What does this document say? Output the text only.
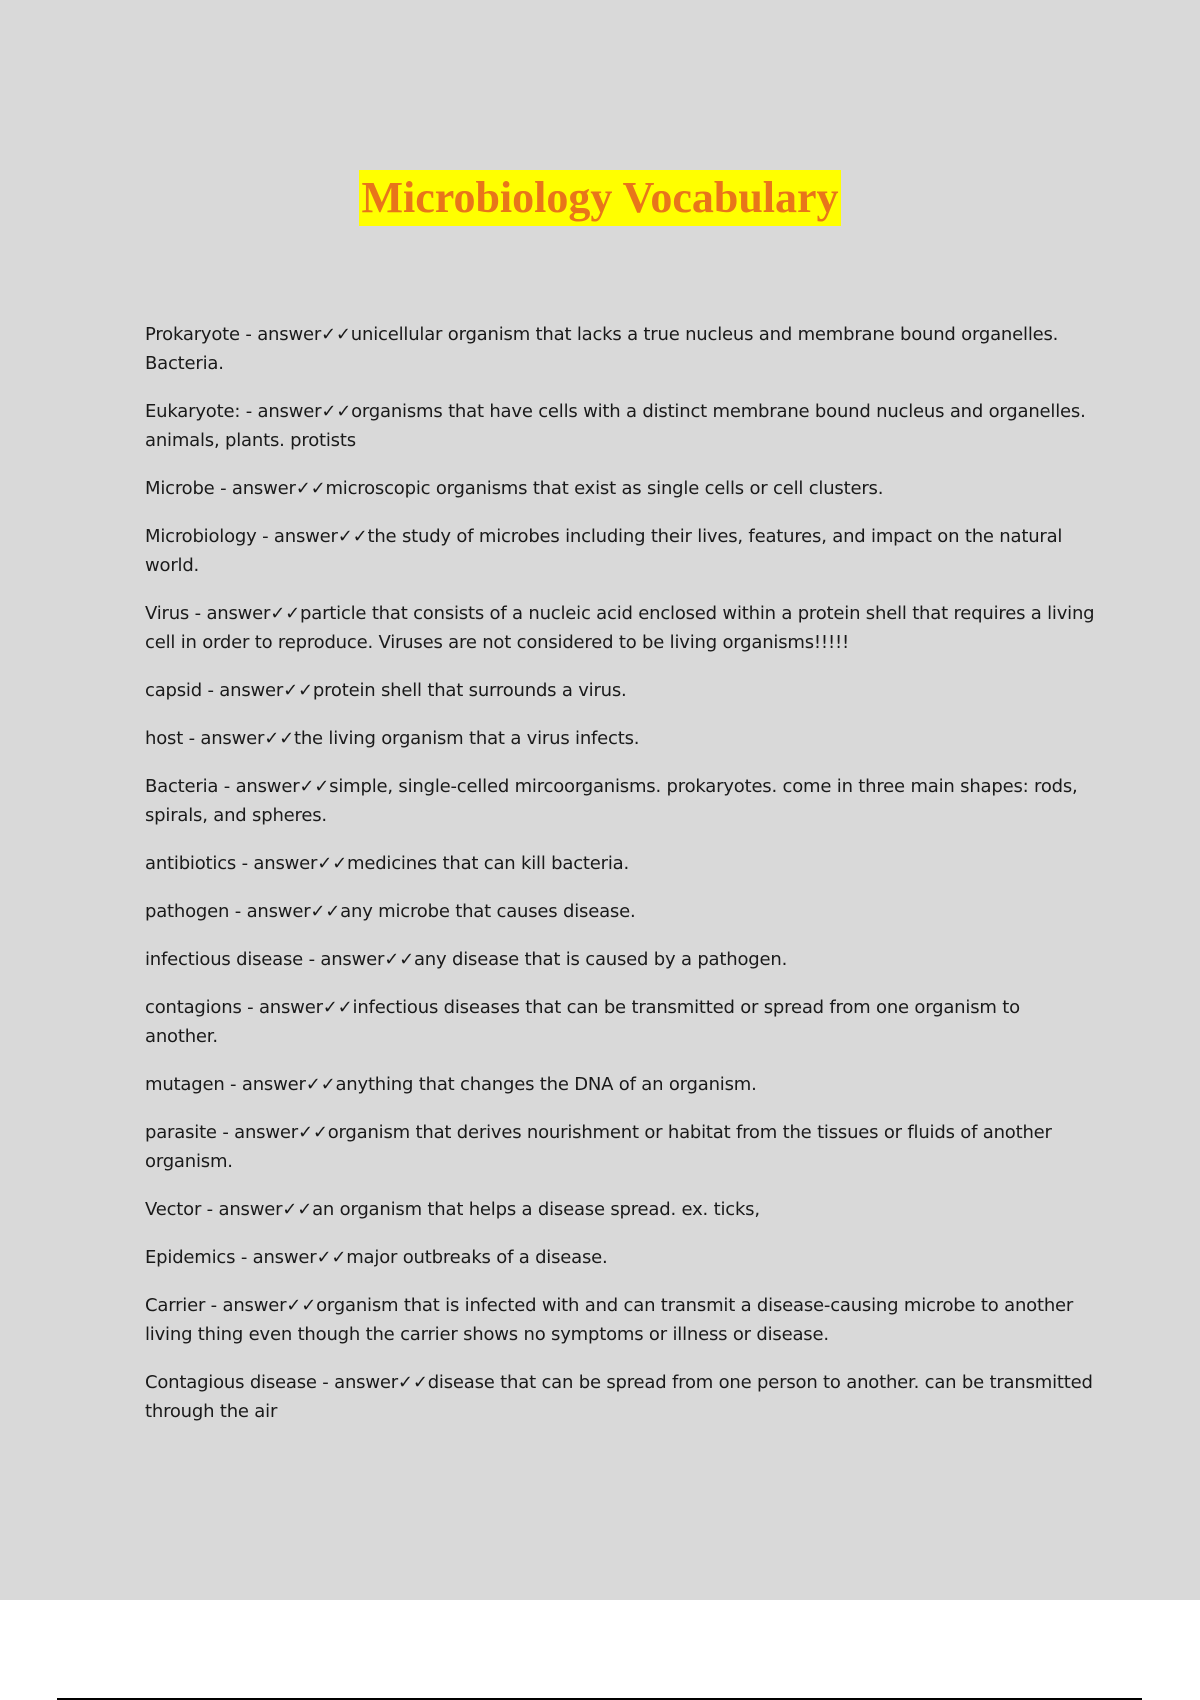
Microbiology Vocabulary
Prokaryote - answer✓✓unicellular organism that lacks a true nucleus and membrane bound organelles. Bacteria.
Eukaryote: - answer✓✓organisms that have cells with a distinct membrane bound nucleus and organelles. animals, plants. protists
Microbe - answer✓✓microscopic organisms that exist as single cells or cell clusters.
Microbiology - answer✓✓the study of microbes including their lives, features, and impact on the natural world.
Virus - answer✓✓particle that consists of a nucleic acid enclosed within a protein shell that requires a living cell in order to reproduce. Viruses are not considered to be living organisms!!!!!
capsid - answer✓✓protein shell that surrounds a virus.
host - answer✓✓the living organism that a virus infects.
Bacteria - answer✓✓simple, single-celled mircoorganisms. prokaryotes. come in three main shapes: rods, spirals, and spheres.
antibiotics - answer✓✓medicines that can kill bacteria.
pathogen - answer✓✓any microbe that causes disease.
infectious disease - answer✓✓any disease that is caused by a pathogen.
contagions - answer✓✓infectious diseases that can be transmitted or spread from one organism to another.
mutagen - answer✓✓anything that changes the DNA of an organism.
parasite - answer✓✓organism that derives nourishment or habitat from the tissues or fluids of another organism.
Vector - answer✓✓an organism that helps a disease spread. ex. ticks,
Epidemics - answer✓✓major outbreaks of a disease.
Carrier - answer✓✓organism that is infected with and can transmit a disease-causing microbe to another living thing even though the carrier shows no symptoms or illness or disease.
Contagious disease - answer✓✓disease that can be spread from one person to another. can be transmitted through the air
